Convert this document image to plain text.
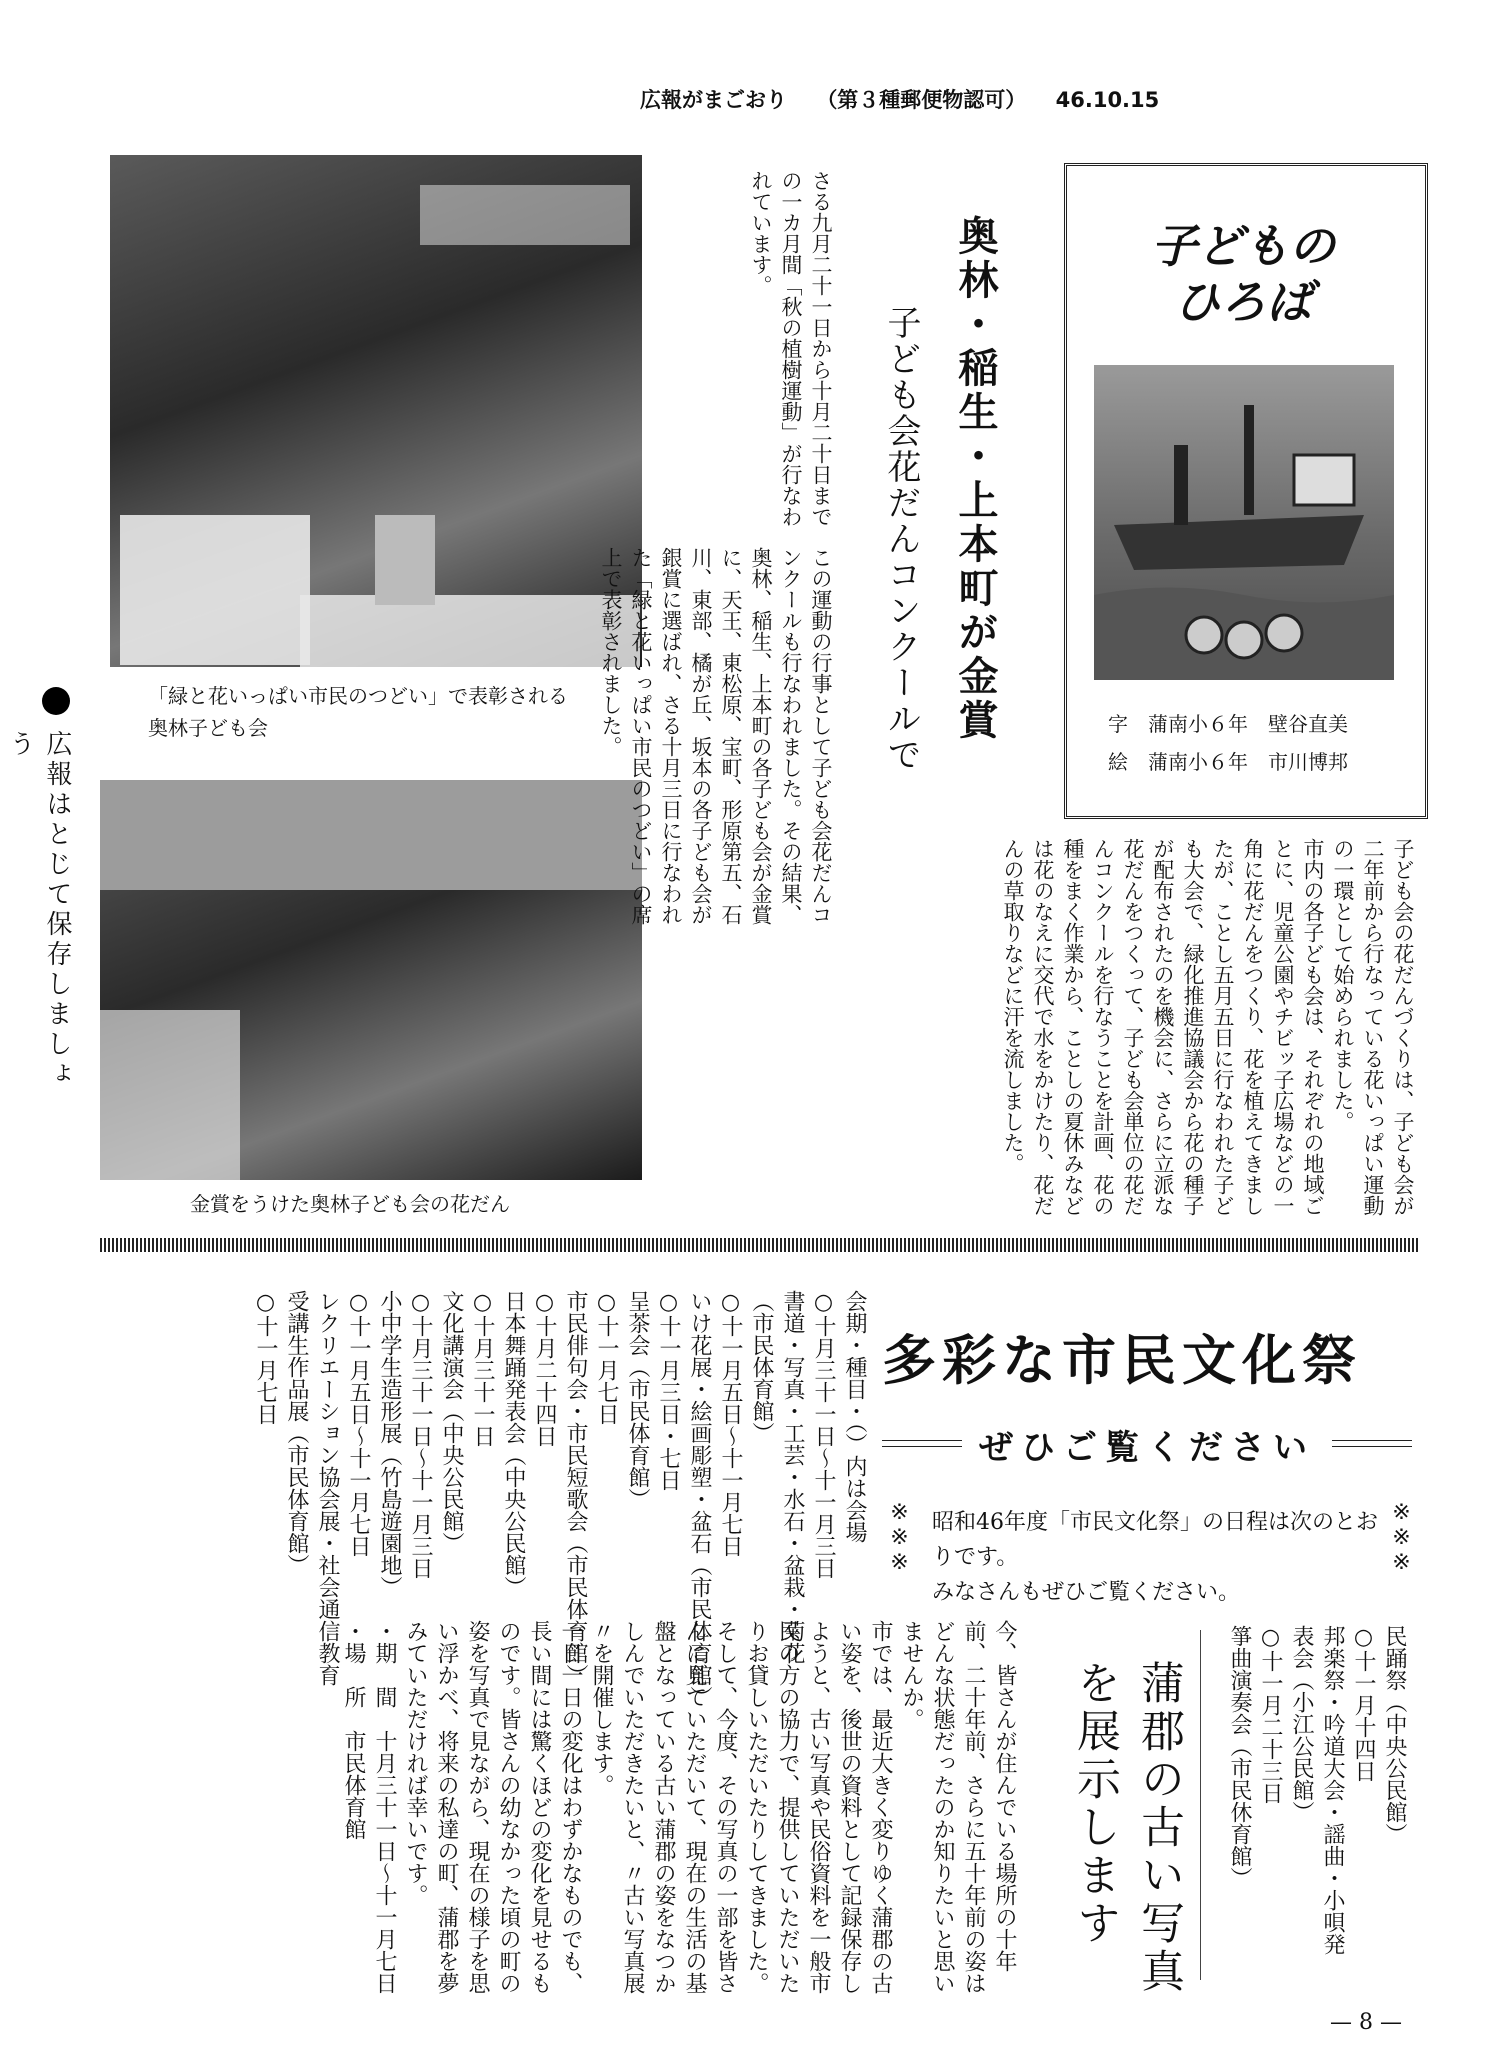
広報がまごおり （第３種郵便物認可） 46.10.15
「緑と花いっぱい市民のつどい」で表彰される
奥林子ども会
金賞をうけた奥林子ども会の花だん
広報はとじて保存しましょう
奥林・稲生・上本町が金賞
子ども会花だんコンクールで

さる九月二十一日から十月二十日までの一カ月間「秋の植樹運動」が行なわれています。

この運動の行事として子ども会花だんコンクールも行なわれました。その結果、奥林、稲生、上本町の各子ども会が金賞に、天王、東松原、宝町、形原第五、石川、東部、橘が丘、坂本の各子ども会が銀賞に選ばれ、さる十月三日に行なわれた「緑と花いっぱい市民のつどい」の席上で表彰されました。

子ども会の花だんづくりは、子ども会が二年前から行なっている花いっぱい運動の一環として始められました。

市内の各子ども会は、それぞれの地域ごとに、児童公園やチビッ子広場などの一角に花だんをつくり、花を植えてきましたが、ことし五月五日に行なわれた子ども大会で、緑化推進協議会から花の種子が配布されたのを機会に、さらに立派な花だんをつくって、子ども会単位の花だんコンクールを行なうことを計画、花の種をまく作業から、ことしの夏休みなどは花のなえに交代で水をかけたり、花だんの草取りなどに汗を流しました。

子どもの
ひろば
字　蒲南小６年　壁谷直美
絵　蒲南小６年　市川博邦
多彩な市民文化祭
ぜひご覧ください
※※※	※※※
昭和46年度「市民文化祭」の日程は次のとおりです。
みなさんもぜひご覧ください。
会期・種目・（）内は会場
○十月三十一日〜十一月三日
書道・写真・工芸・水石・盆栽・菊花（市民体育館）
○十一月五日〜十一月七日
いけ花展・絵画彫塑・盆石（市民体育館）
○十一月三日・七日
呈茶会（市民体育館）
○十一月七日
市民俳句会・市民短歌会（市民体育館）
○十月二十四日
日本舞踊発表会（中央公民館）
○十月三十一日
文化講演会（中央公民館）
○十月三十一日〜十一月三日
小中学生造形展（竹島遊園地）
○十一月五日〜十一月七日
レクリエーション協会展・社会通信教育受講生作品展（市民体育館）
○十一月七日
民踊祭（中央公民館）
○十一月十四日
邦楽祭・吟道大会・謡曲・小唄発表会（小江公民館）
○十一月二十三日
箏曲演奏会（市民休育館）
蒲郡の古い写真
を展示します

今、皆さんが住んでいる場所の十年前、二十年前、さらに五十年前の姿はどんな状態だったのか知りたいと思いませんか。

市では、最近大きく変りゆく蒲郡の古い姿を、後世の資料として記録保存しようと、古い写真や民俗資料を一般市民の方の協力で、提供していただいたりお貸しいただいたりしてきました。

そして、今度、その写真の一部を皆さんに見ていただいて、現在の生活の基盤となっている古い蒲郡の姿をなつかしんでいただきたいと、〃古い写真展〃を開催します。

一日一日の変化はわずかなものでも、長い間には驚くほどの変化を見せるものです。皆さんの幼なかった頃の町の姿を写真で見ながら、現在の様子を思い浮かべ、将来の私達の町、蒲郡を夢みていただければ幸いです。

・期　間　十月三十一日〜十一月七日

・場　所　市民体育館

— 8 —
